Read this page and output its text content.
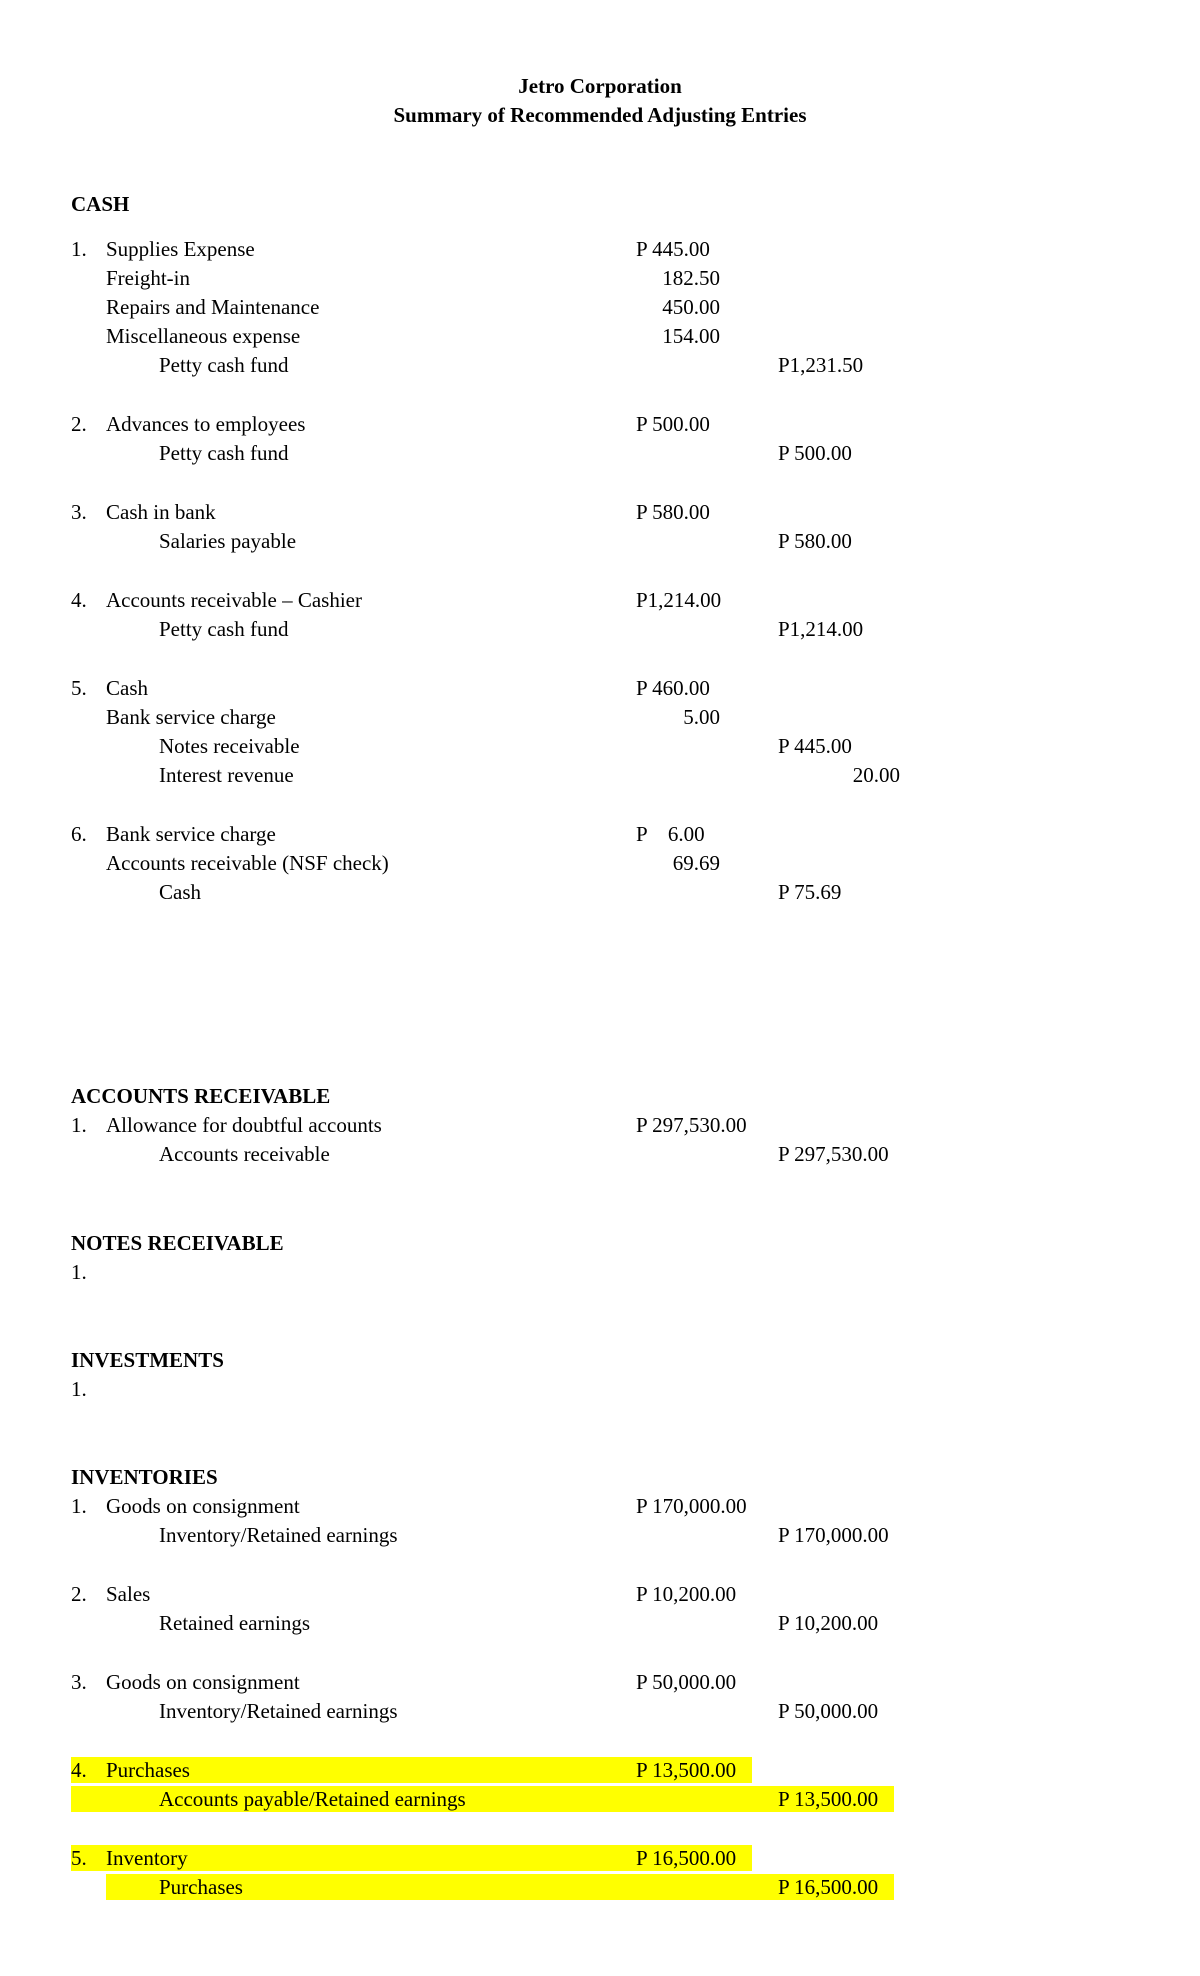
Jetro Corporation
Summary of Recommended Adjusting Entries
CASH
1. Supplies Expense	P 445.00
Freight-in	182.50
Repairs and Maintenance	450.00
Miscellaneous expense	154.00
Petty cash fund	P1,231.50
2. Advances to employees	P 500.00
Petty cash fund	P 500.00
3. Cash in bank	P 580.00
Salaries payable	P 580.00
4. Accounts receivable – Cashier	P1,214.00
Petty cash fund	P1,214.00
5. Cash	P 460.00
Bank service charge	5.00
Notes receivable	P 445.00
Interest revenue	20.00
6. Bank service charge	P    6.00
Accounts receivable (NSF check)	69.69
Cash	P 75.69
ACCOUNTS RECEIVABLE
1. Allowance for doubtful accounts	P 297,530.00
Accounts receivable	P 297,530.00
NOTES RECEIVABLE
1.
INVESTMENTS
1.
INVENTORIES
1. Goods on consignment	P 170,000.00
Inventory/Retained earnings	P 170,000.00
2. Sales	P 10,200.00
Retained earnings	P 10,200.00
3. Goods on consignment	P 50,000.00
Inventory/Retained earnings	P 50,000.00
4. Purchases	P 13,500.00
Accounts payable/Retained earnings	P 13,500.00
5. Inventory	P 16,500.00
Purchases	P 16,500.00
